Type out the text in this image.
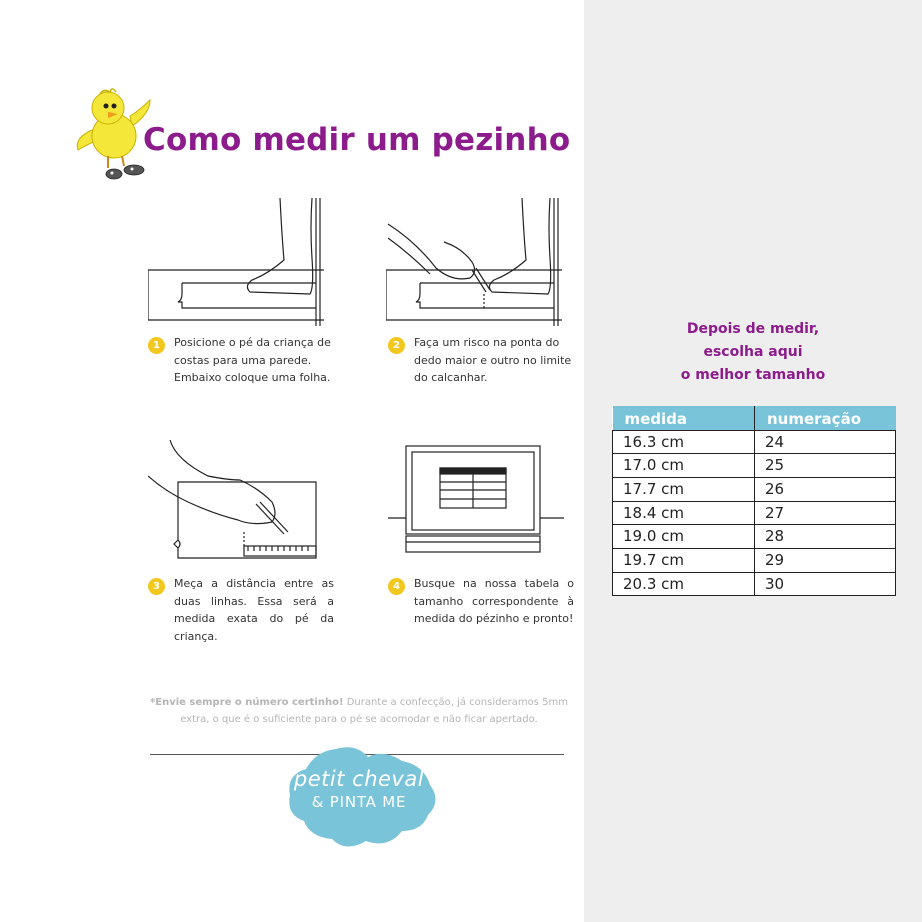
Como medir um pezinho
1	Posicione o pé da criança de costas para uma parede. Embaixo coloque uma folha.
2	Faça um risco na ponta do dedo maior e outro no limite do calcanhar.
3	Meça a distância entre as duas linhas. Essa será a medida exata do pé da criança.
4	Busque na nossa tabela o tamanho correspondente à medida do pézinho e pronto!
*Envie sempre o número certinho! Durante a confecção, já consideramos 5mm extra, o que é o suficiente para o pé se acomodar e não ficar apertado.
petit cheval
& PINTA ME
Depois de medir,
escolha aqui
o melhor tamanho
medida	numeração
16.3 cm	24
17.0 cm	25
17.7 cm	26
18.4 cm	27
19.0 cm	28
19.7 cm	29
20.3 cm	30
